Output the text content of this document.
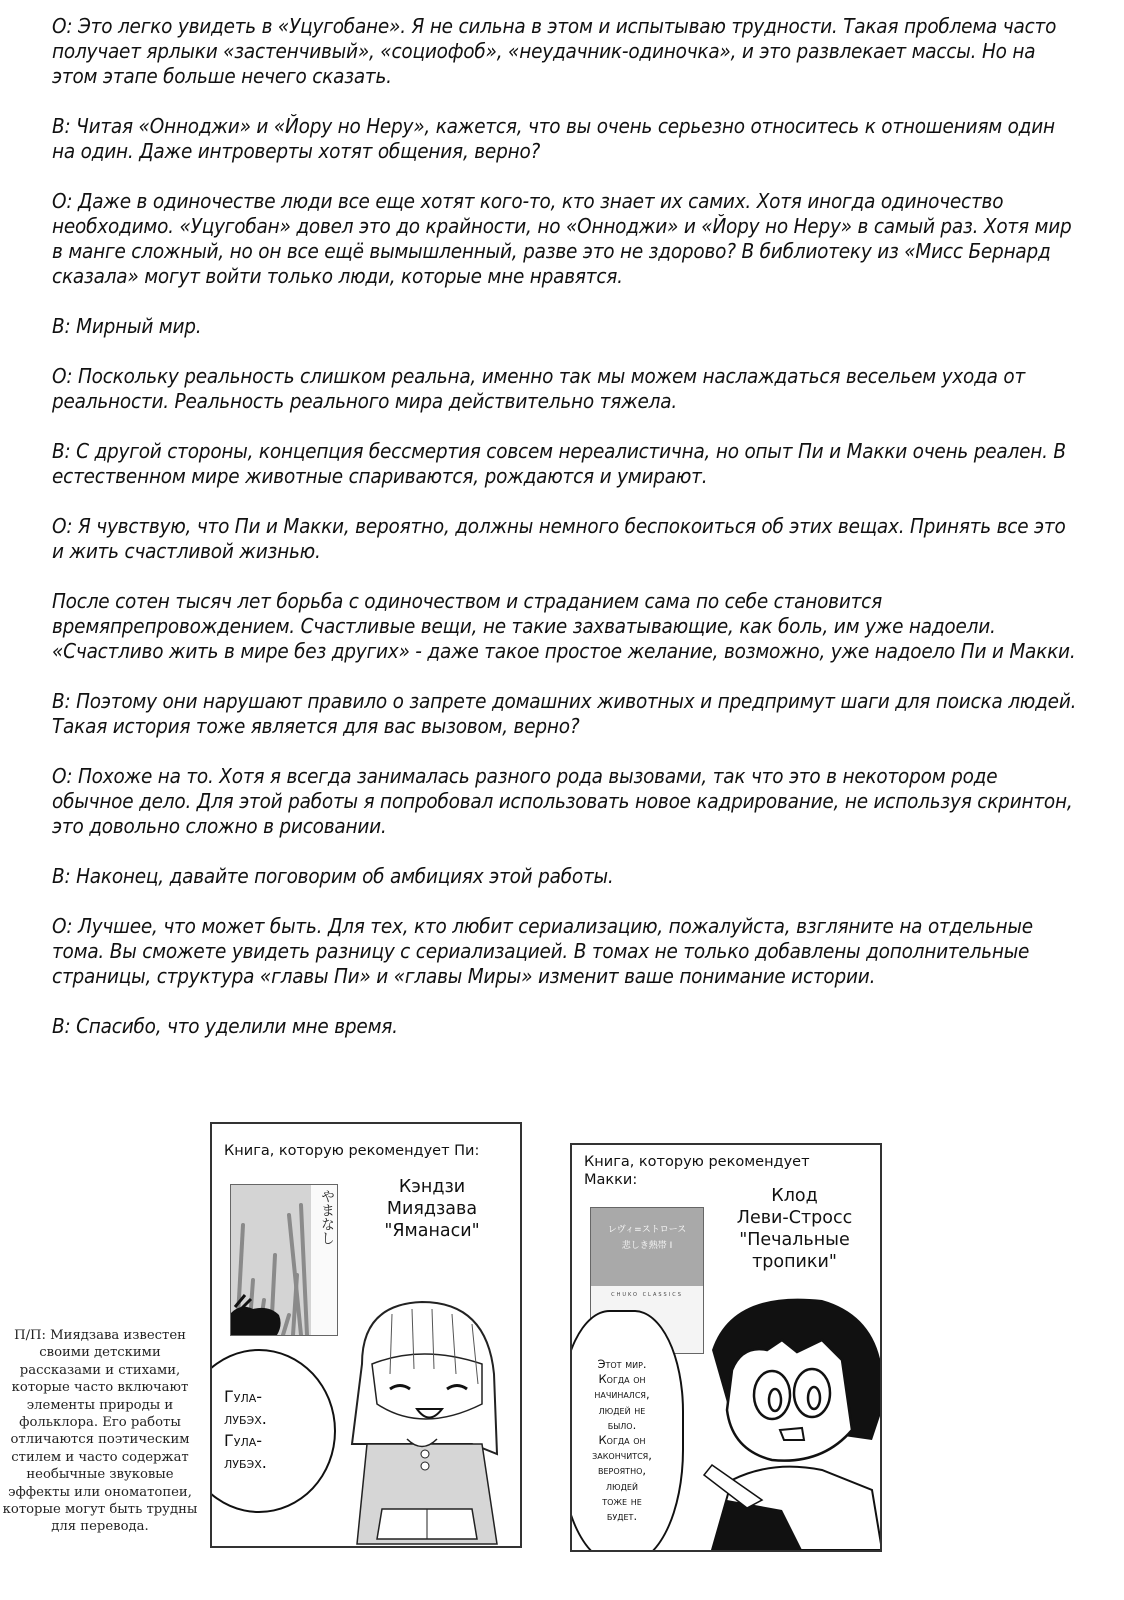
О: Это легко увидеть в «Уцугобане». Я не сильна в этом и испытываю трудности. Такая проблема часто получает ярлыки «застенчивый», «социофоб», «неудачник-одиночка», и это развлекает массы. Но на этом этапе больше нечего сказать.

В: Читая «Онноджи» и «Йору но Неру», кажется, что вы очень серьезно относитесь к отношениям один на один. Даже интроверты хотят общения, верно?

О: Даже в одиночестве люди все еще хотят кого-то, кто знает их самих. Хотя иногда одиночество необходимо. «Уцугобан» довел это до крайности, но «Онноджи» и «Йору но Неру» в самый раз. Хотя мир в манге сложный, но он все ещё вымышленный, разве это не здорово? В библиотеку из «Мисс Бернард сказала» могут войти только люди, которые мне нравятся.

В: Мирный мир.

О: Поскольку реальность слишком реальна, именно так мы можем наслаждаться весельем ухода от реальности. Реальность реального мира действительно тяжела.

В: С другой стороны, концепция бессмертия совсем нереалистична, но опыт Пи и Макки очень реален. В естественном мире животные спариваются, рождаются и умирают.

О: Я чувствую, что Пи и Макки, вероятно, должны немного беспокоиться об этих вещах. Принять все это и жить счастливой жизнью.

После сотен тысяч лет борьба с одиночеством и страданием сама по себе становится времяпрепровождением. Счастливые вещи, не такие захватывающие, как боль, им уже надоели. «Счастливо жить в мире без других» - даже такое простое желание, возможно, уже надоело Пи и Макки.

В: Поэтому они нарушают правило о запрете домашних животных и предпримут шаги для поиска людей. Такая история тоже является для вас вызовом, верно?

О: Похоже на то. Хотя я всегда занималась разного рода вызовами, так что это в некотором роде обычное дело. Для этой работы я попробовал использовать новое кадрирование, не используя скринтон, это довольно сложно в рисовании.

В: Наконец, давайте поговорим об амбициях этой работы.

О: Лучшее, что может быть. Для тех, кто любит сериализацию, пожалуйста, взгляните на отдельные тома. Вы сможете увидеть разницу с сериализацией. В томах не только добавлены дополнительные страницы, структура «главы Пи» и «главы Миры» изменит ваше понимание истории.

В: Спасибо, что уделили мне время.

Книга, которую рекомендует Пи:
やまなし
Кэндзи
Миядзава
"Яманаси"
Гула-
лубэх.
Гула-
лубэх.
Книга, которую рекомендует
Макки:
レヴィ=ストロース
悲しき熱帯 I
CHUKO CLASSICS
Клод
Леви-Стросс
"Печальные
тропики"
Этот мир.
Когда он
начинался,
людей не
было.
Когда он
закончится,
вероятно,
людей
тоже не
будет.
П/П: Миядзава известен своими детскими рассказами и стихами, которые часто включают элементы природы и фольклора. Его работы отличаются поэтическим стилем и часто содержат необычные звуковые эффекты или ономатопеи, которые могут быть трудны для перевода.
